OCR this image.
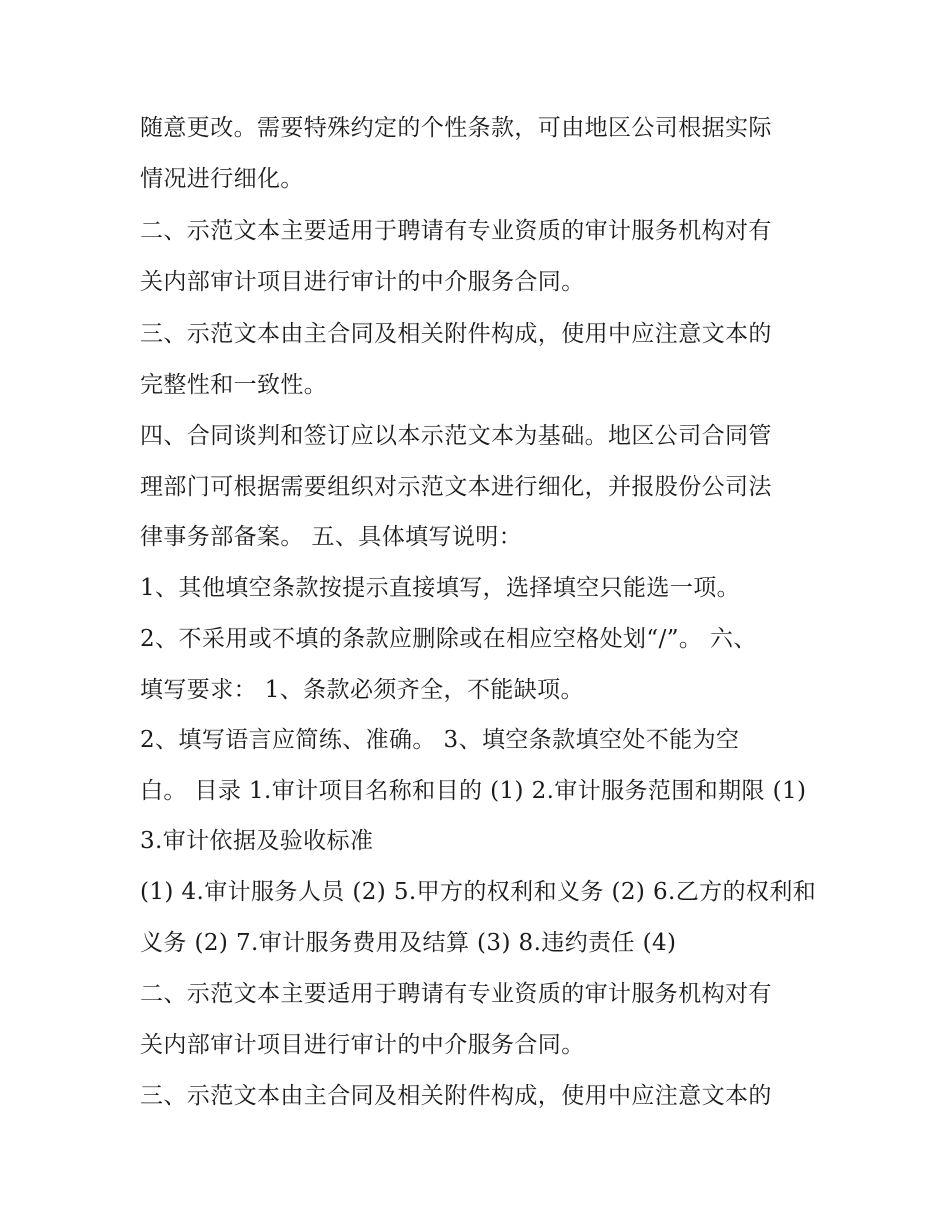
随意更改。需要特殊约定的个性条款，可由地区公司根据实际

情况进行细化。

二、示范文本主要适用于聘请有专业资质的审计服务机构对有

关内部审计项目进行审计的中介服务合同。

三、示范文本由主合同及相关附件构成，使用中应注意文本的

完整性和一致性。

四、合同谈判和签订应以本示范文本为基础。地区公司合同管

理部门可根据需要组织对示范文本进行细化，并报股份公司法

律事务部备案。 五、具体填写说明：

1、其他填空条款按提示直接填写，选择填空只能选一项。

2、不采用或不填的条款应删除或在相应空格处划“/”。 六、

填写要求： 1、条款必须齐全，不能缺项。

2、填写语言应简练、准确。 3、填空条款填空处不能为空

白。 目录 1.审计项目名称和目的 (1) 2.审计服务范围和期限 (1)

3.审计依据及验收标准

(1) 4.审计服务人员 (2) 5.甲方的权利和义务 (2) 6.乙方的权利和

义务 (2) 7.审计服务费用及结算 (3) 8.违约责任 (4)

二、示范文本主要适用于聘请有专业资质的审计服务机构对有

关内部审计项目进行审计的中介服务合同。

三、示范文本由主合同及相关附件构成，使用中应注意文本的
